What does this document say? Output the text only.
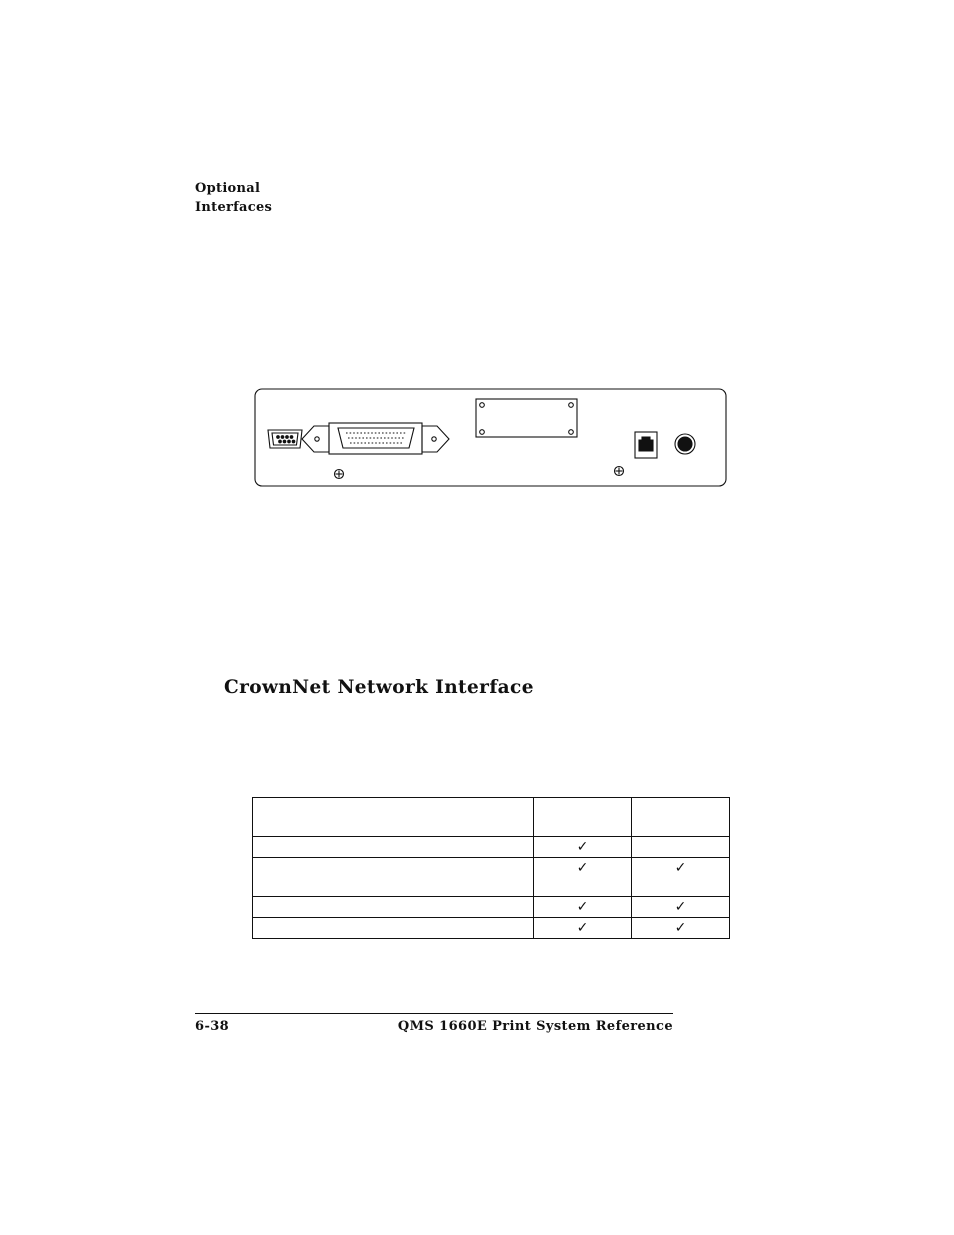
Optional
Interfaces
CrownNet Network Interface

	✓	
	✓	✓
	✓	✓
	✓	✓
6-38	QMS 1660E Print System Reference
